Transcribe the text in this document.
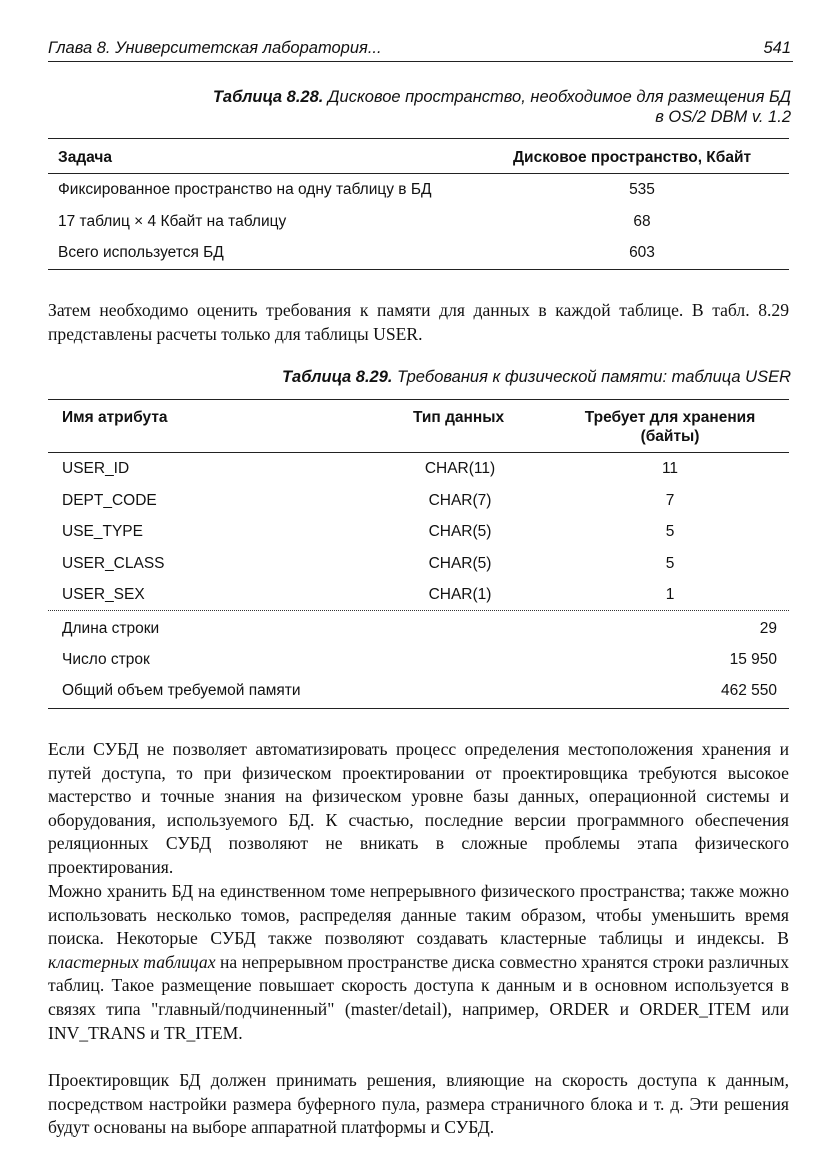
Глава 8. Университетская лаборатория...	541
Таблица 8.28. Дисковое пространство, необходимое для размещения БД
в OS/2 DBM v. 1.2
Задача	Дисковое пространство, Кбайт
Фиксированное пространство на одну таблицу в БД	535
17 таблиц × 4 Кбайт на таблицу	68
Всего используется БД	603
Затем необходимо оценить требования к памяти для данных в каждой таблице. В табл. 8.29 представлены расчеты только для таблицы USER.
Таблица 8.29. Требования к физической памяти: таблица USER
Имя атрибута	Тип данных	Требует для хранения
(байты)
USER_ID	CHAR(11)	11
DEPT_CODE	CHAR(7)	7
USE_TYPE	CHAR(5)	5
USER_CLASS	CHAR(5)	5
USER_SEX	CHAR(1)	1
Длина строки	29
Число строк	15 950
Общий объем требуемой памяти	462 550
Если СУБД не позволяет автоматизировать процесс определения местоположения хранения и путей доступа, то при физическом проектировании от проектировщика требуются высокое мастерство и точные знания на физическом уровне базы данных, операционной системы и оборудования, используемого БД. К счастью, последние версии программного обеспечения реляционных СУБД позволяют не вникать в сложные проблемы этапа физического проектирования.
Можно хранить БД на единственном томе непрерывного физического пространства; также можно использовать несколько томов, распределяя данные таким образом, чтобы уменьшить время поиска. Некоторые СУБД также позволяют создавать кластерные таблицы и индексы. В кластерных таблицах на непрерывном пространстве диска совместно хранятся строки различных таблиц. Такое размещение повышает скорость доступа к данным и в основном используется в связях типа "главный/подчиненный" (master/detail), например, ORDER и ORDER_ITEM или INV_TRANS и TR_ITEM.
Проектировщик БД должен принимать решения, влияющие на скорость доступа к данным, посредством настройки размера буферного пула, размера страничного блока и т. д. Эти решения будут основаны на выборе аппаратной платформы и СУБД.
